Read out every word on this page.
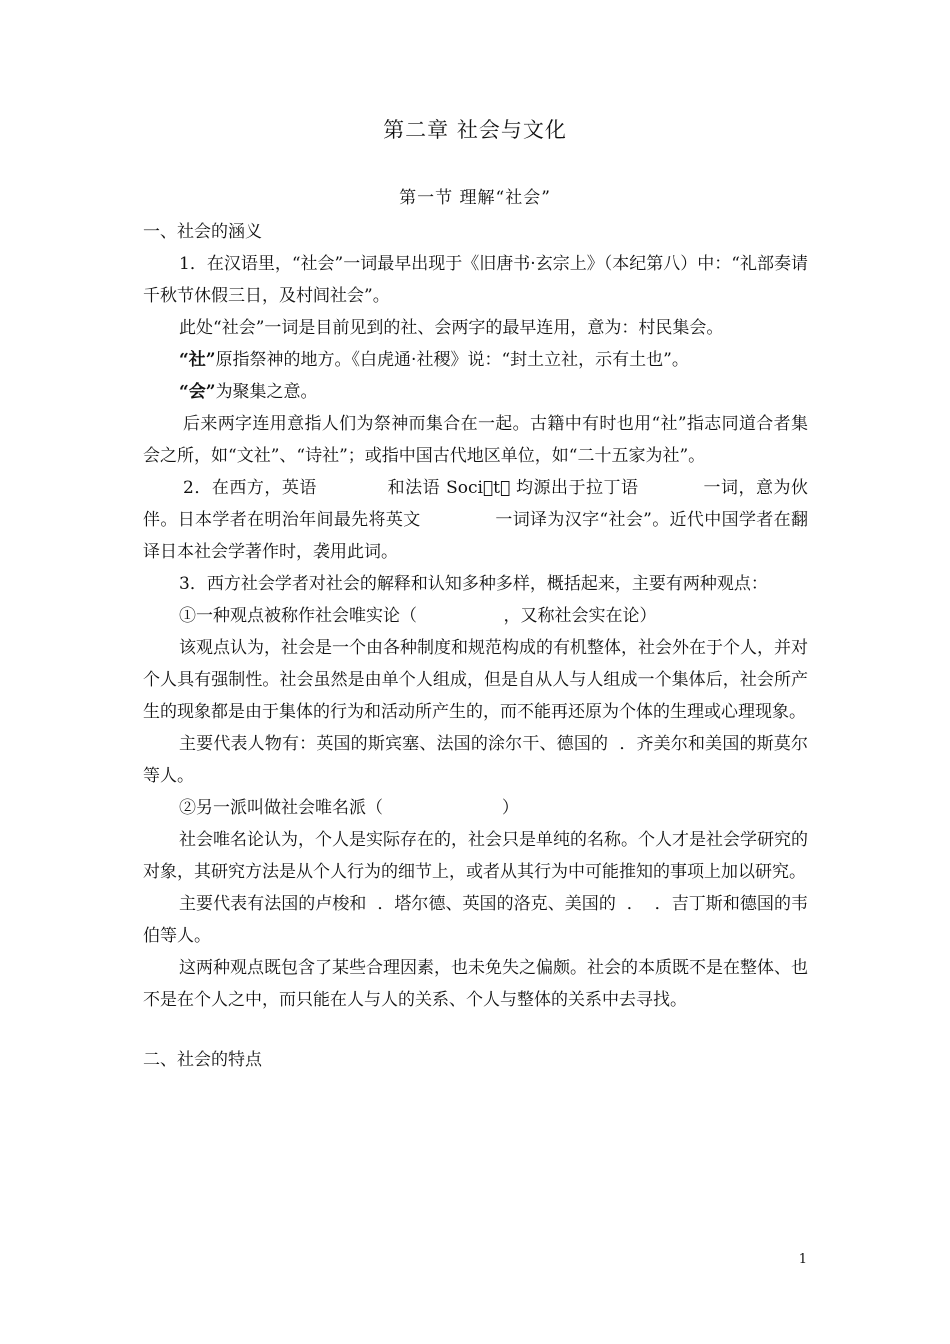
第二章 社会与文化
第一节 理解“社会”

一、社会的涵义

1．在汉语里，“社会”一词最早出现于《旧唐书·玄宗上》（本纪第八）中：“礼部奏请千秋节休假三日，及村闾社会”。

此处“社会”一词是目前见到的社、会两字的最早连用，意为：村民集会。

“社”原指祭神的地方。《白虎通·社稷》说：“封土立社，示有土也”。

“会”为聚集之意。

后来两字连用意指人们为祭神而集合在一起。古籍中有时也用“社”指志同道合者集会之所，如“文社”、“诗社”；或指中国古代地区单位，如“二十五家为社”。

2．在西方，英语            和法语 Soci t  均源出于拉丁语           一词，意为伙伴。日本学者在明治年间最先将英文             一词译为汉字“社会”。近代中国学者在翻译日本社会学著作时，袭用此词。

3．西方社会学者对社会的解释和认知多种多样，概括起来，主要有两种观点：

①一种观点被称作社会唯实论（                ，又称社会实在论）

该观点认为，社会是一个由各种制度和规范构成的有机整体，社会外在于个人，并对个人具有强制性。社会虽然是由单个人组成，但是自从人与人组成一个集体后，社会所产生的现象都是由于集体的行为和活动所产生的，而不能再还原为个体的生理或心理现象。

主要代表人物有：英国的斯宾塞、法国的涂尔干、德国的  ．齐美尔和美国的斯莫尔等人。

②另一派叫做社会唯名派（                      ）

社会唯名论认为，个人是实际存在的，社会只是单纯的名称。个人才是社会学研究的对象，其研究方法是从个人行为的细节上，或者从其行为中可能推知的事项上加以研究。

主要代表有法国的卢梭和  ．塔尔德、英国的洛克、美国的  ．  ．吉丁斯和德国的韦伯等人。

这两种观点既包含了某些合理因素，也未免失之偏颇。社会的本质既不是在整体、也不是在个人之中，而只能在人与人的关系、个人与整体的关系中去寻找。

二、社会的特点

1
